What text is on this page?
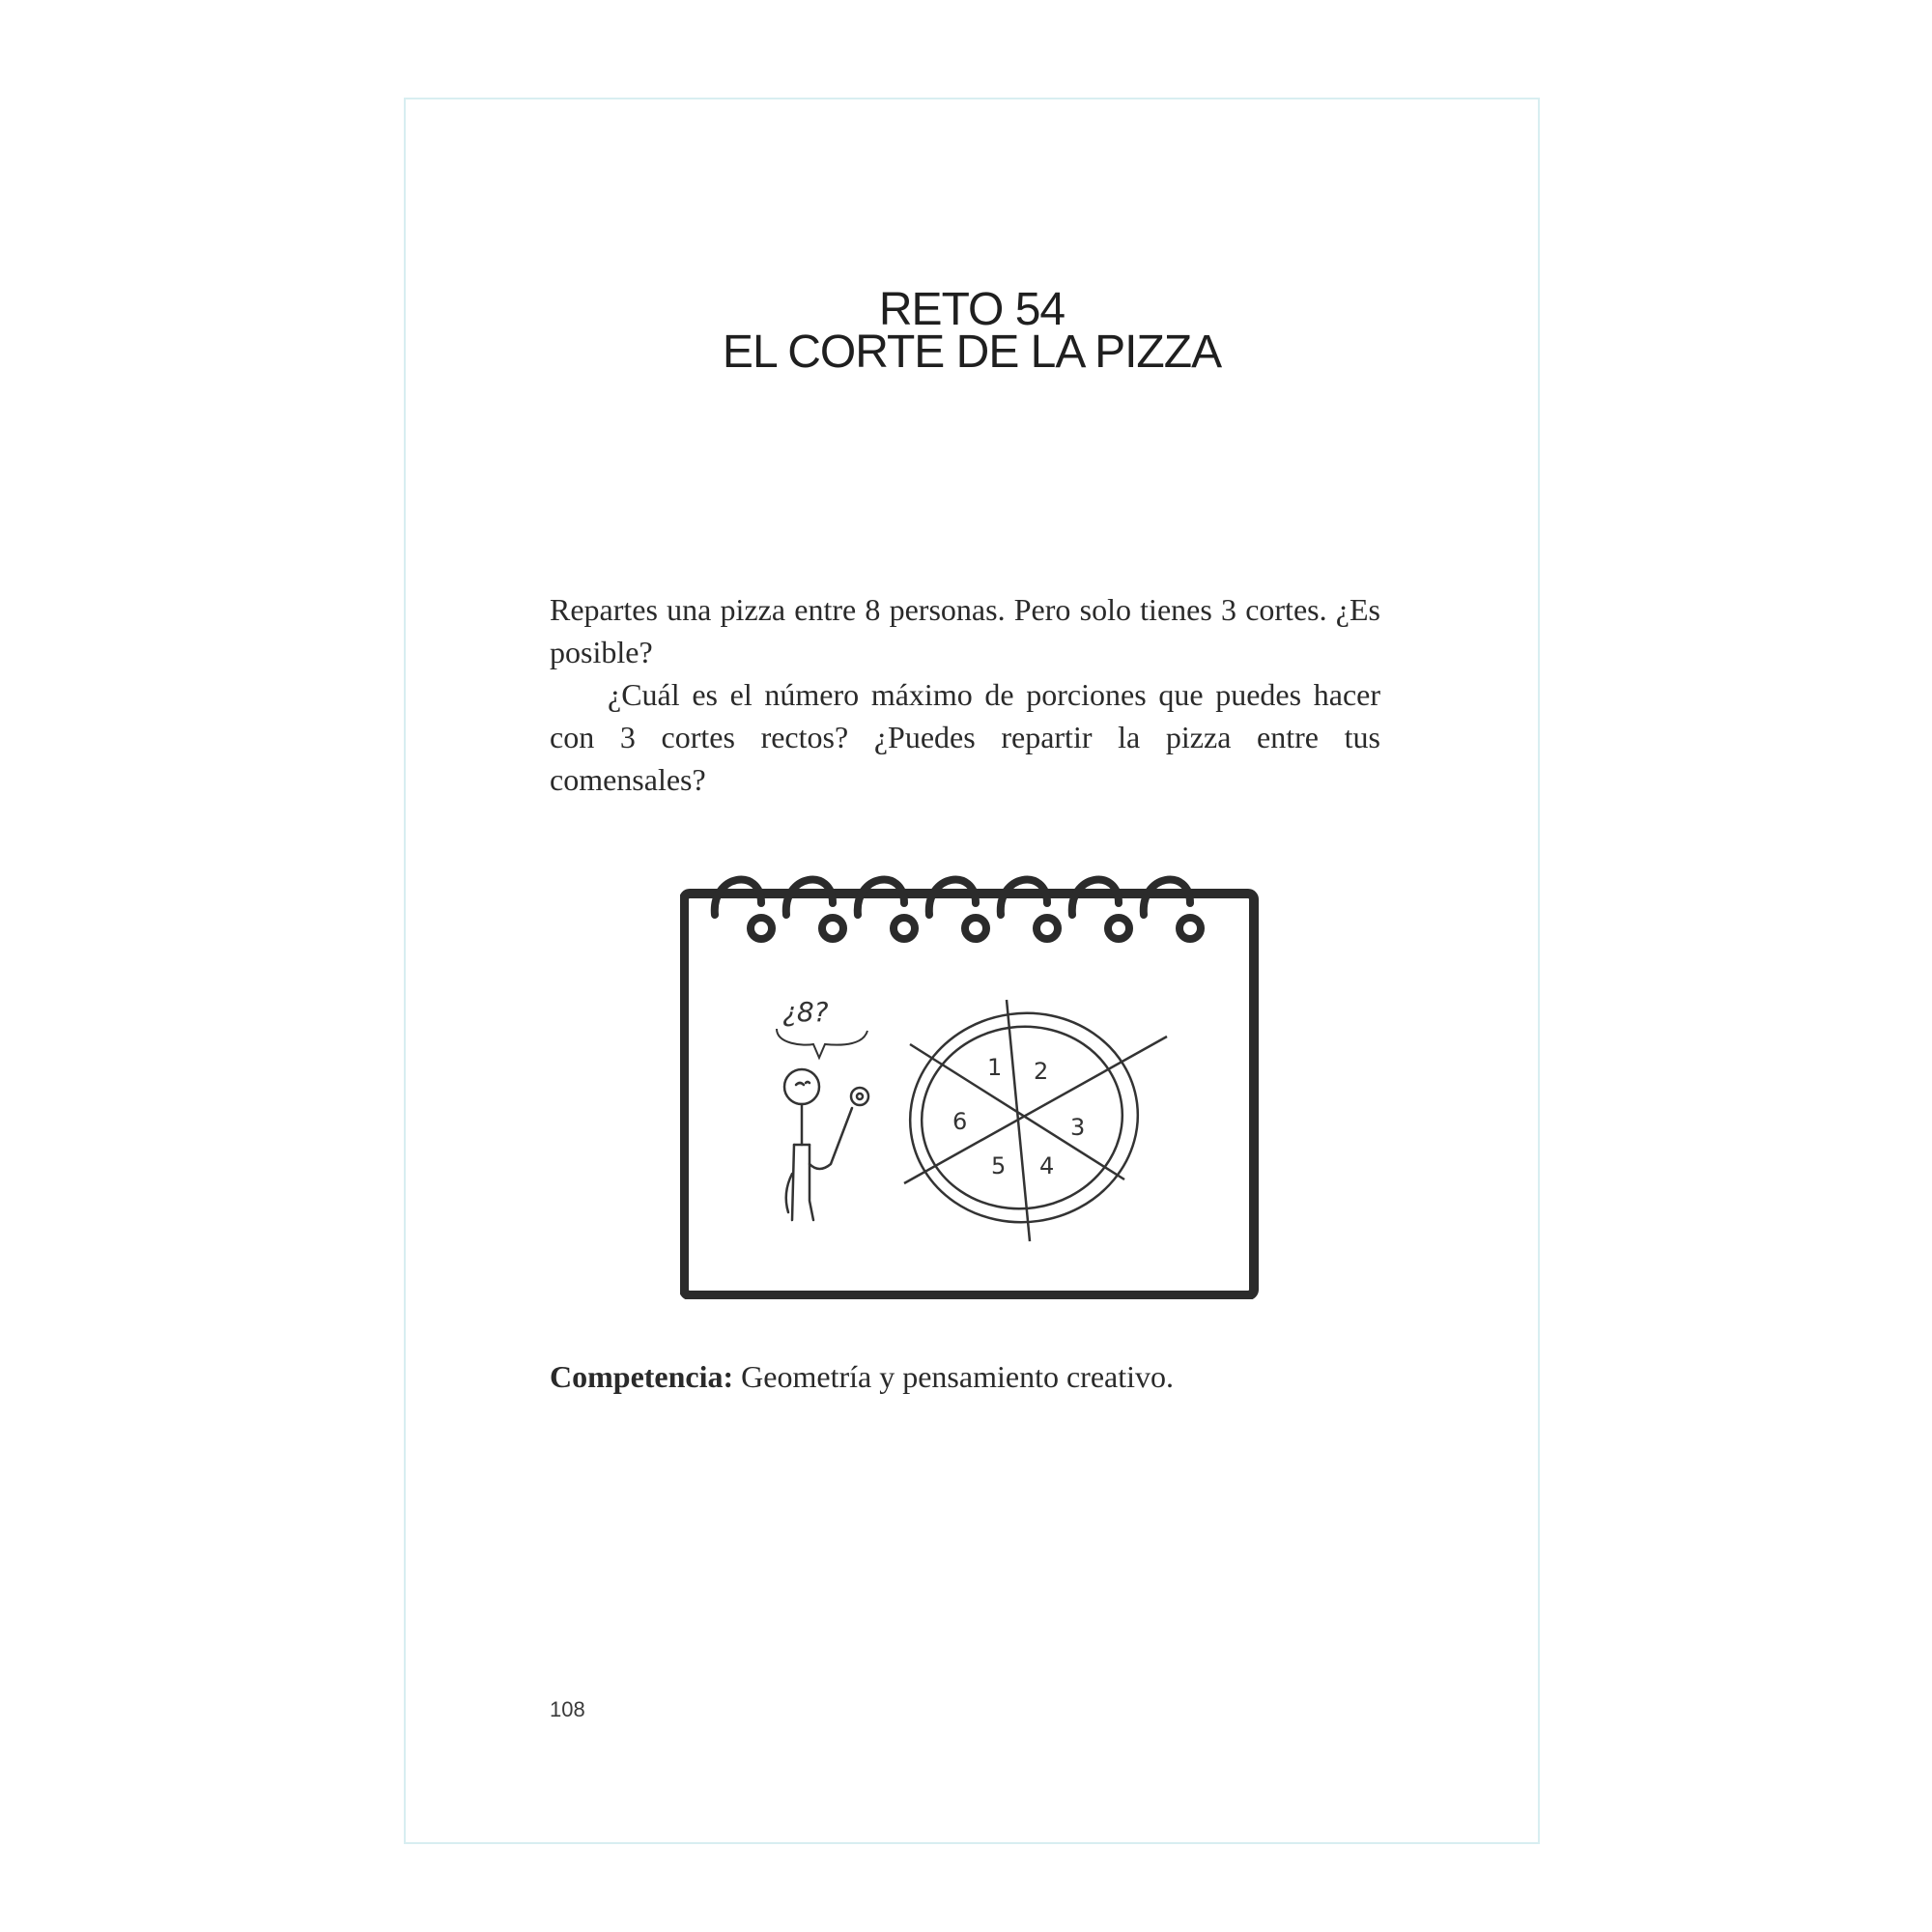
RETO 54
EL CORTE DE LA PIZZA

Repartes una pizza entre 8 personas. Pero solo tienes 3 cortes. ¿Es posible?

¿Cuál es el número máximo de porciones que puedes hacer con 3 cortes rectos? ¿Puedes repartir la pizza entre tus comensales?

¿8?
1 2
3
4
5
6
Competencia: Geometría y pensamiento creativo.
108
